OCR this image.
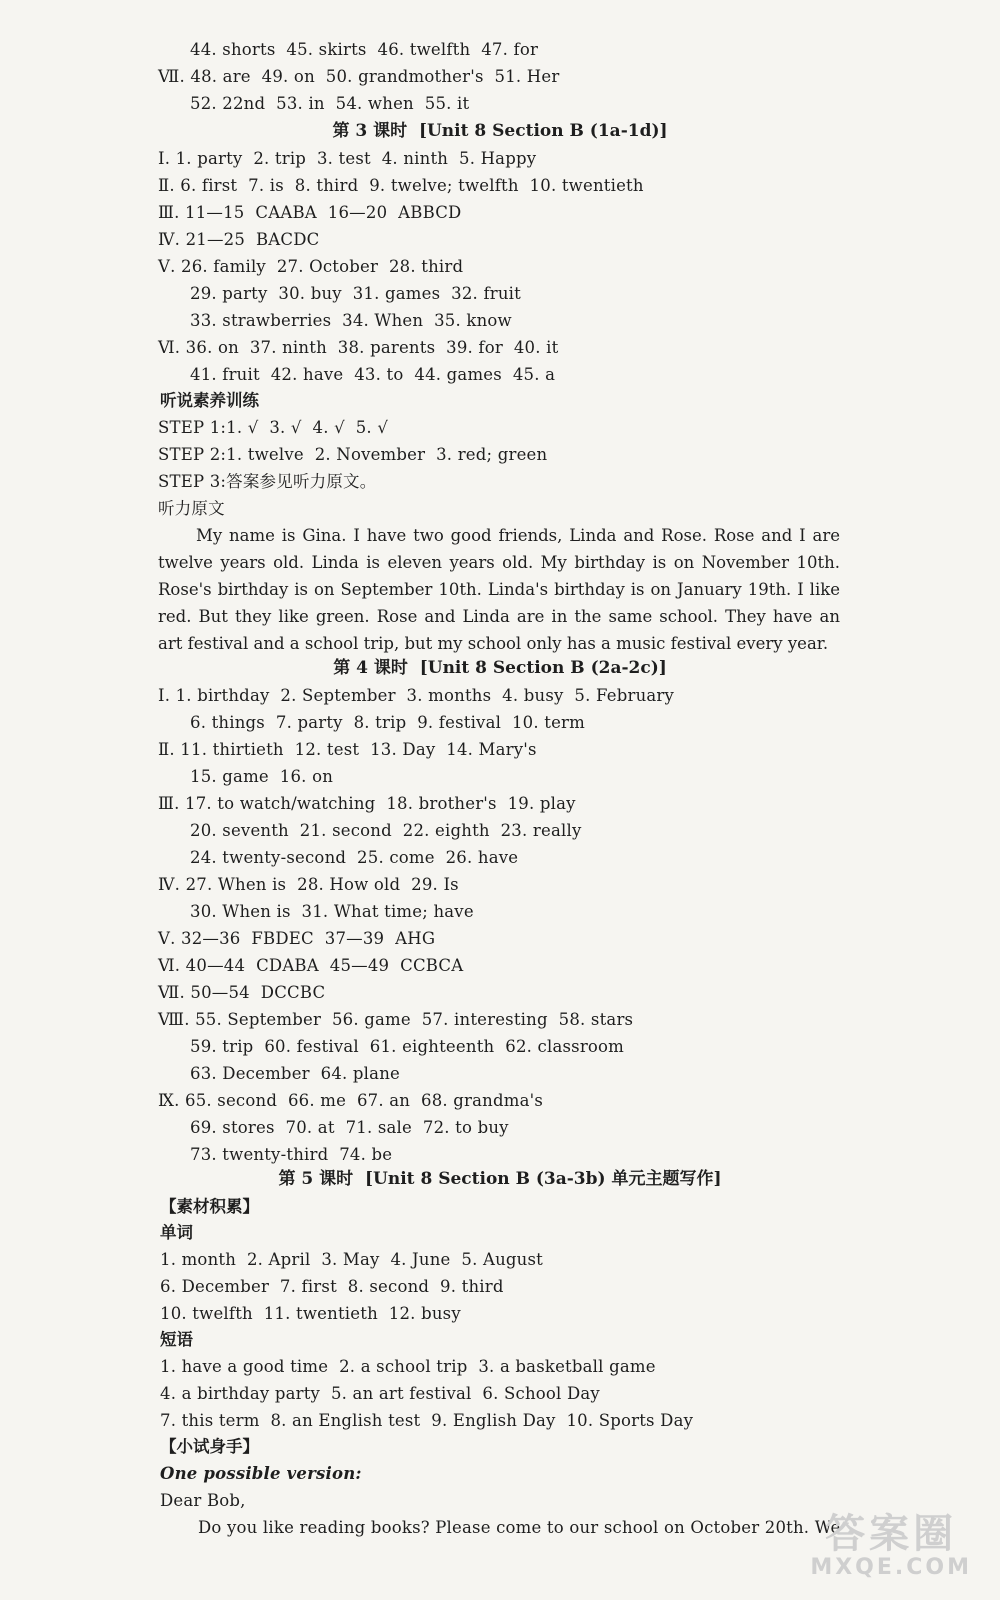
44. shorts  45. skirts  46. twelfth  47. for
Ⅶ. 48. are  49. on  50. grandmother's  51. Her
52. 22nd  53. in  54. when  55. it
第 3 课时  [Unit 8 Section B (1a-1d)]
Ⅰ. 1. party  2. trip  3. test  4. ninth  5. Happy
Ⅱ. 6. first  7. is  8. third  9. twelve; twelfth  10. twentieth
Ⅲ. 11—15  CAABA  16—20  ABBCD
Ⅳ. 21—25  BACDC
Ⅴ. 26. family  27. October  28. third
29. party  30. buy  31. games  32. fruit
33. strawberries  34. When  35. know
Ⅵ. 36. on  37. ninth  38. parents  39. for  40. it
41. fruit  42. have  43. to  44. games  45. a
听说素养训练
STEP 1:1. √  3. √  4. √  5. √
STEP 2:1. twelve  2. November  3. red; green
STEP 3:答案参见听力原文。
听力原文

My name is Gina. I have two good friends, Linda and Rose. Rose and I are twelve years old. Linda is eleven years old. My birthday is on November 10th. Rose's birthday is on September 10th. Linda's birthday is on January 19th. I like red. But they like green. Rose and Linda are in the same school. They have an art festival and a school trip, but my school only has a music festival every year.

第 4 课时  [Unit 8 Section B (2a-2c)]
Ⅰ. 1. birthday  2. September  3. months  4. busy  5. February
6. things  7. party  8. trip  9. festival  10. term
Ⅱ. 11. thirtieth  12. test  13. Day  14. Mary's
15. game  16. on
Ⅲ. 17. to watch/watching  18. brother's  19. play
20. seventh  21. second  22. eighth  23. really
24. twenty-second  25. come  26. have
Ⅳ. 27. When is  28. How old  29. Is
30. When is  31. What time; have
Ⅴ. 32—36  FBDEC  37—39  AHG
Ⅵ. 40—44  CDABA  45—49  CCBCA
Ⅶ. 50—54  DCCBC
Ⅷ. 55. September  56. game  57. interesting  58. stars
59. trip  60. festival  61. eighteenth  62. classroom
63. December  64. plane
Ⅸ. 65. second  66. me  67. an  68. grandma's
69. stores  70. at  71. sale  72. to buy
73. twenty-third  74. be
第 5 课时  [Unit 8 Section B (3a-3b) 单元主题写作]
【素材积累】
单词
1. month  2. April  3. May  4. June  5. August
6. December  7. first  8. second  9. third
10. twelfth  11. twentieth  12. busy
短语
1. have a good time  2. a school trip  3. a basketball game
4. a birthday party  5. an art festival  6. School Day
7. this term  8. an English test  9. English Day  10. Sports Day
【小试身手】
One possible version:
Dear Bob,
Do you like reading books? Please come to our school on October 20th. We
答案圈
MXQE.COM
